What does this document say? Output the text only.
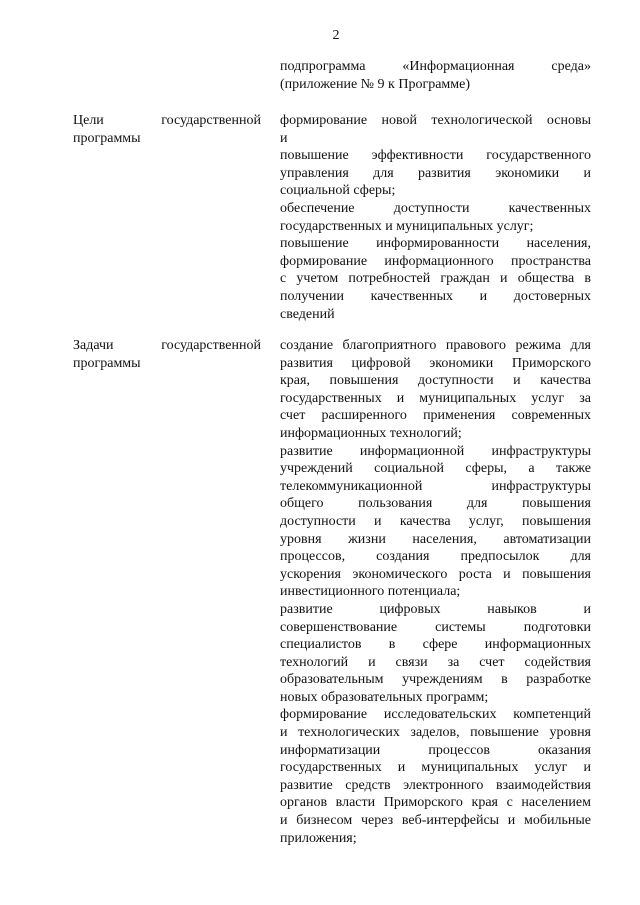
2
подпрограмма «Информационная среда»
(приложение № 9 к Программе)
Цели государственной
программы
формирование новой технологической основы
и
повышение эффективности государственного
управления для развития экономики и
социальной сферы;
обеспечение доступности качественных
государственных и муниципальных услуг;
повышение информированности населения,
формирование информационного пространства
с учетом потребностей граждан и общества в
получении качественных и достоверных
сведений
Задачи государственной
программы
создание благоприятного правового режима для
развития цифровой экономики Приморского
края, повышения доступности и качества
государственных и муниципальных услуг за
счет расширенного применения современных
информационных технологий;
развитие информационной инфраструктуры
учреждений социальной сферы, а также
телекоммуникационной инфраструктуры
общего пользования для повышения
доступности и качества услуг, повышения
уровня жизни населения, автоматизации
процессов, создания предпосылок для
ускорения экономического роста и повышения
инвестиционного потенциала;
развитие цифровых навыков и
совершенствование системы подготовки
специалистов в сфере информационных
технологий и связи за счет содействия
образовательным учреждениям в разработке
новых образовательных программ;
формирование исследовательских компетенций
и технологических заделов, повышение уровня
информатизации процессов оказания
государственных и муниципальных услуг и
развитие средств электронного взаимодействия
органов власти Приморского края с населением
и бизнесом через веб-интерфейсы и мобильные
приложения;
